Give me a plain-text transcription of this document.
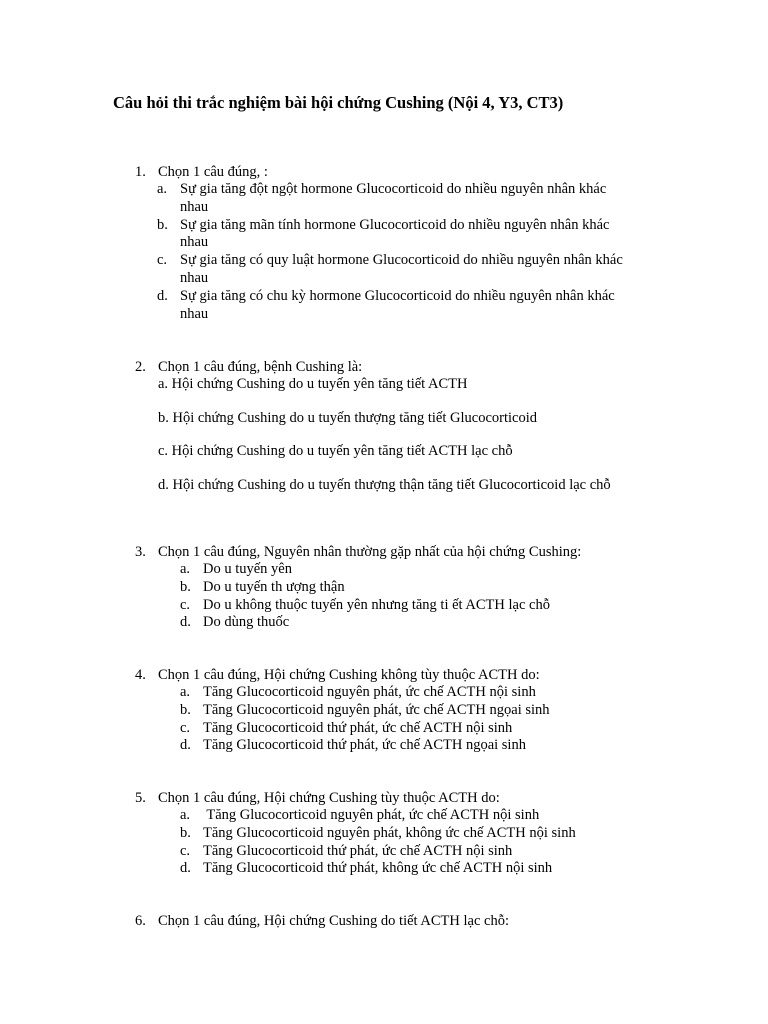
Câu hỏi thi trắc nghiệm bài hội chứng Cushing (Nội 4, Y3, CT3)
1. Chọn 1 câu đúng, :
a. Sự gia tăng đột ngột hormone Glucocorticoid do nhiều nguyên nhân khác nhau
b. Sự gia tăng mãn tính hormone Glucocorticoid do nhiều nguyên nhân khác nhau
c. Sự gia tăng có quy luật hormone Glucocorticoid do nhiều nguyên nhân khác nhau
d. Sự gia tăng có chu kỳ hormone Glucocorticoid do nhiều nguyên nhân khác nhau
2. Chọn 1 câu đúng, bệnh Cushing là:
a. Hội chứng Cushing do u tuyến yên tăng tiết ACTH
b. Hội chứng Cushing do u tuyến thượng tăng tiết Glucocorticoid
c. Hội chứng Cushing do u tuyến yên tăng tiết ACTH lạc chỗ
d. Hội chứng Cushing do u tuyến thượng thận tăng tiết Glucocorticoid lạc chỗ
3. Chọn 1 câu đúng, Nguyên nhân thường gặp nhất của hội chứng Cushing:
a. Do u tuyến yên
b. Do u tuyến th ượng thận
c. Do u không thuộc tuyến yên nhưng tăng ti ết ACTH lạc chỗ
d. Do dùng thuốc
4. Chọn 1 câu đúng, Hội chứng Cushing không tùy thuộc ACTH do:
a. Tăng Glucocorticoid nguyên phát, ức chế ACTH nội sinh
b. Tăng Glucocorticoid nguyên phát, ức chế ACTH ngọai sinh
c. Tăng Glucocorticoid thứ phát, ức chế ACTH nội sinh
d. Tăng Glucocorticoid thứ phát, ức chế ACTH ngọai sinh
5. Chọn 1 câu đúng, Hội chứng Cushing tùy thuộc ACTH do:
a. Tăng Glucocorticoid nguyên phát, ức chế ACTH nội sinh
b. Tăng Glucocorticoid nguyên phát, không ức chế ACTH nội sinh
c. Tăng Glucocorticoid thứ phát, ức chế ACTH nội sinh
d. Tăng Glucocorticoid thứ phát, không ức chế ACTH nội sinh
6. Chọn 1 câu đúng, Hội chứng Cushing do tiết ACTH lạc chỗ:
